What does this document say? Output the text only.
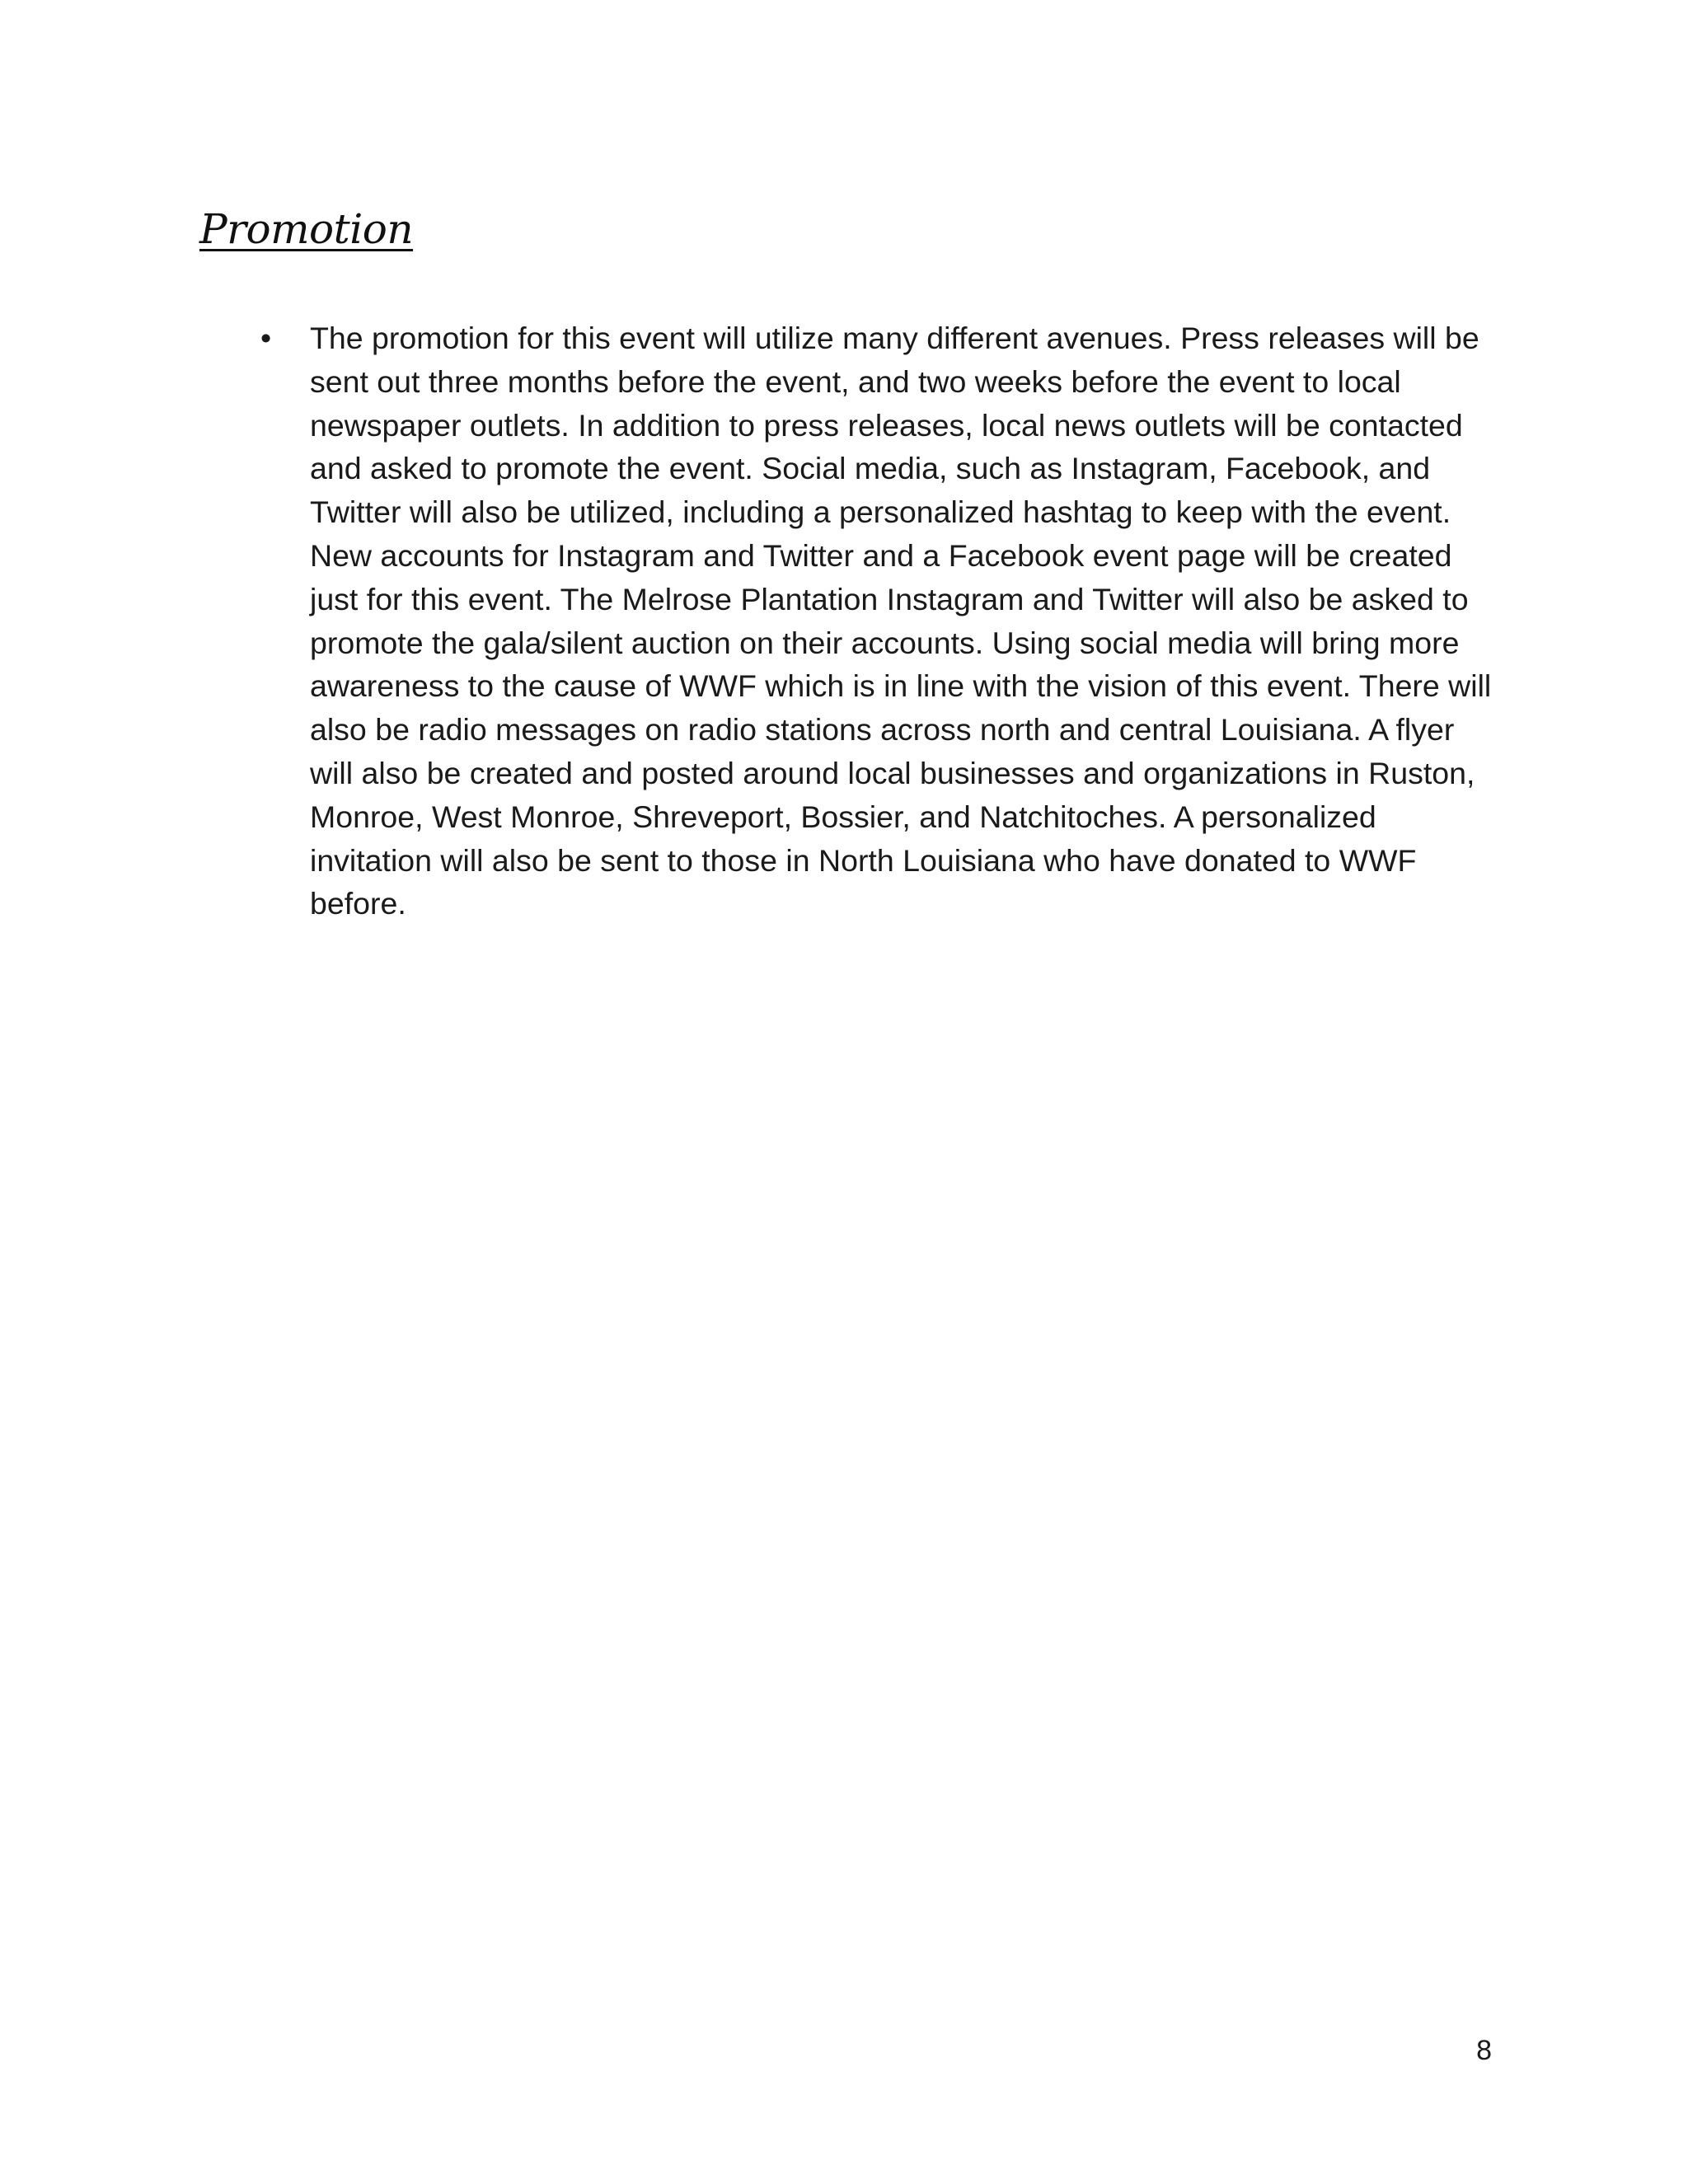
Promotion
• The promotion for this event will utilize many different avenues. Press releases will be sent out three months before the event, and two weeks before the event to local newspaper outlets. In addition to press releases, local news outlets will be contacted and asked to promote the event. Social media, such as Instagram, Facebook, and Twitter will also be utilized, including a personalized hashtag to keep with the event. New accounts for Instagram and Twitter and a Facebook event page will be created just for this event. The Melrose Plantation Instagram and Twitter will also be asked to promote the gala/silent auction on their accounts. Using social media will bring more awareness to the cause of WWF which is in line with the vision of this event. There will also be radio messages on radio stations across north and central Louisiana. A flyer will also be created and posted around local businesses and organizations in Ruston, Monroe, West Monroe, Shreveport, Bossier, and Natchitoches. A personalized invitation will also be sent to those in North Louisiana who have donated to WWF before.
8
